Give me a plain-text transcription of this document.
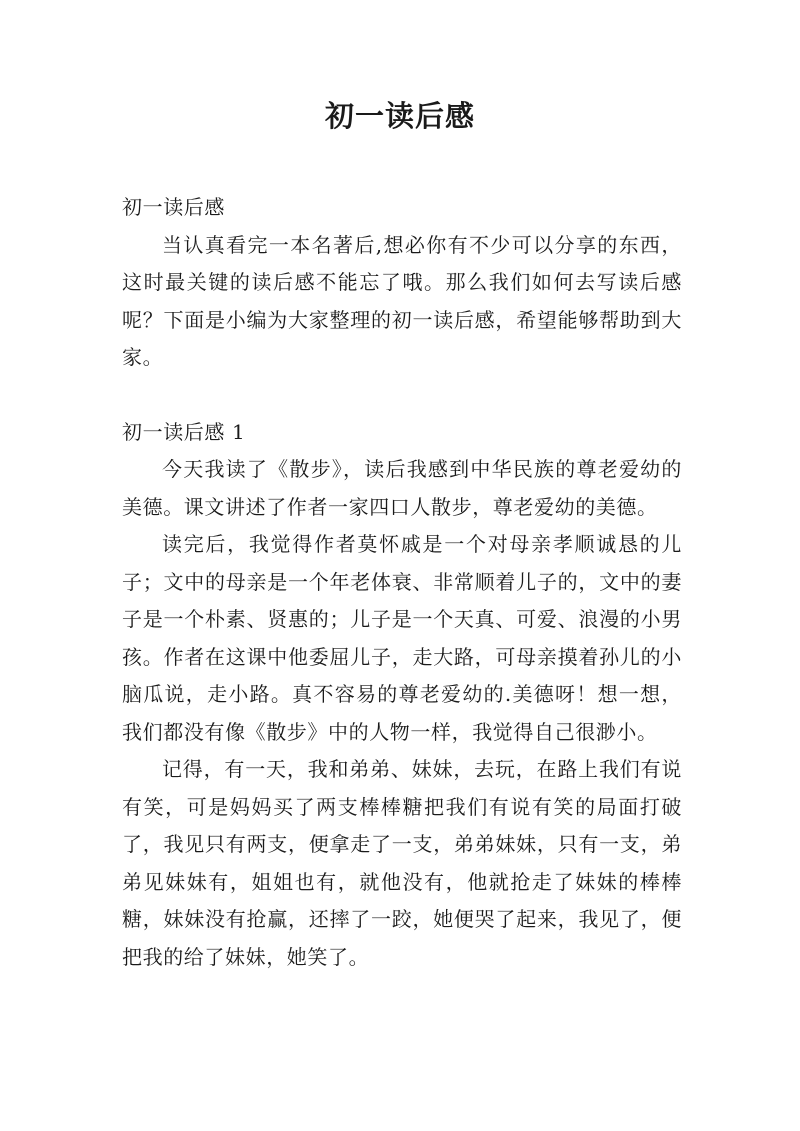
初一读后感

初一读后感

当认真看完一本名著后,想必你有不少可以分享的东西，这时最关键的读后感不能忘了哦。那么我们如何去写读后感呢？下面是小编为大家整理的初一读后感，希望能够帮助到大家。

初一读后感 1

今天我读了《散步》，读后我感到中华民族的尊老爱幼的美德。课文讲述了作者一家四口人散步，尊老爱幼的美德。

读完后，我觉得作者莫怀戚是一个对母亲孝顺诚恳的儿子；文中的母亲是一个年老体衰、非常顺着儿子的，文中的妻子是一个朴素、贤惠的；儿子是一个天真、可爱、浪漫的小男孩。作者在这课中他委屈儿子，走大路，可母亲摸着孙儿的小脑瓜说，走小路。真不容易的尊老爱幼的.美德呀！想一想，我们都没有像《散步》中的人物一样，我觉得自己很渺小。

记得，有一天，我和弟弟、妹妹，去玩，在路上我们有说有笑，可是妈妈买了两支棒棒糖把我们有说有笑的局面打破了，我见只有两支，便拿走了一支，弟弟妹妹，只有一支，弟弟见妹妹有，姐姐也有，就他没有，他就抢走了妹妹的棒棒糖，妹妹没有抢赢，还摔了一跤，她便哭了起来，我见了，便把我的给了妹妹，她笑了。
